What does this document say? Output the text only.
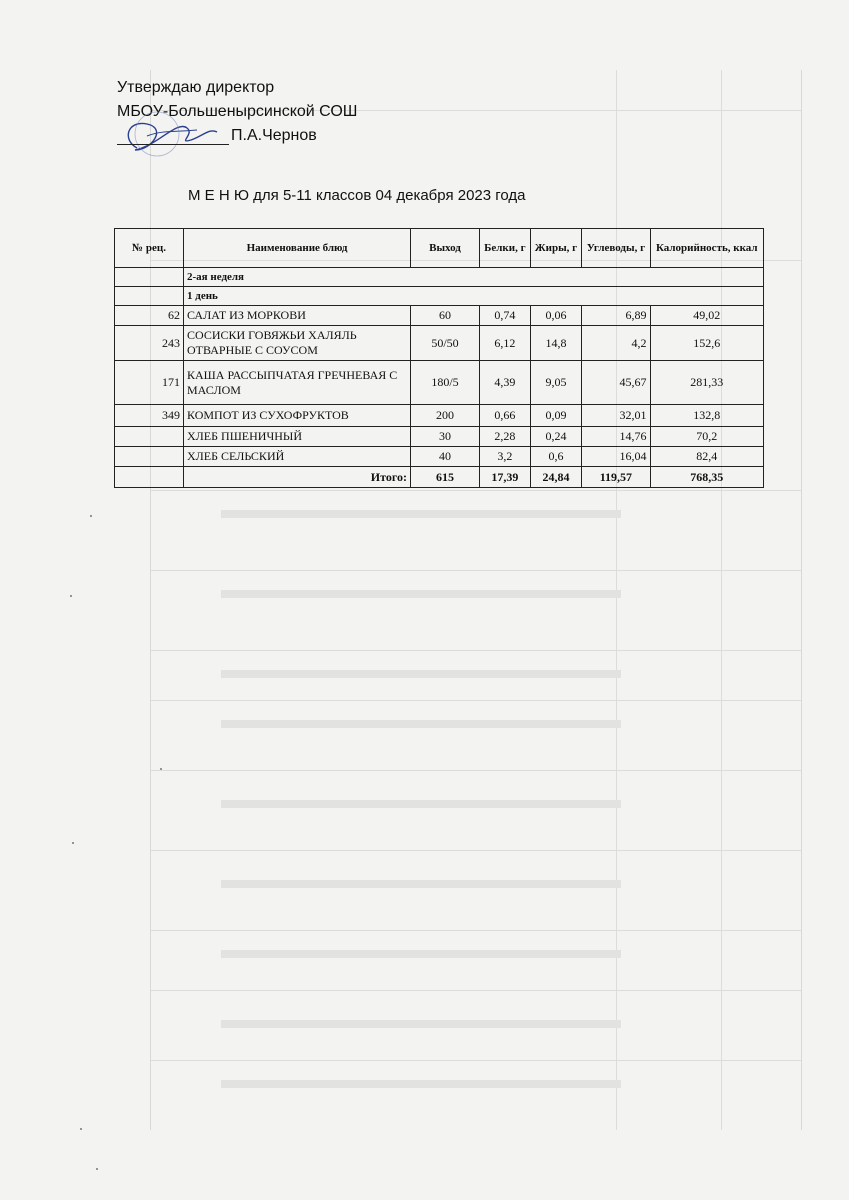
Утверждаю директор
МБОУ-Большенырсинской СОШ
П.А.Чернов
М Е Н Ю для 5-11 классов 04 декабря 2023 года
№ рец.	Наименование блюд	Выход	Белки, г	Жиры, г	Углеводы, г	Калорийность, ккал
	2-ая неделя					
	1 день					
62	САЛАТ ИЗ МОРКОВИ	60	0,74	0,06	6,89	49,02
243	СОСИСКИ ГОВЯЖЬИ ХАЛЯЛЬ ОТВАРНЫЕ С СОУСОМ	50/50	6,12	14,8	4,2	152,6
171	КАША РАССЫПЧАТАЯ ГРЕЧНЕВАЯ С МАСЛОМ	180/5	4,39	9,05	45,67	281,33
349	КОМПОТ ИЗ СУХОФРУКТОВ	200	0,66	0,09	32,01	132,8
	ХЛЕБ ПШЕНИЧНЫЙ	30	2,28	0,24	14,76	70,2
	ХЛЕБ СЕЛЬСКИЙ	40	3,2	0,6	16,04	82,4
	Итого:	615	17,39	24,84	119,57	768,35
